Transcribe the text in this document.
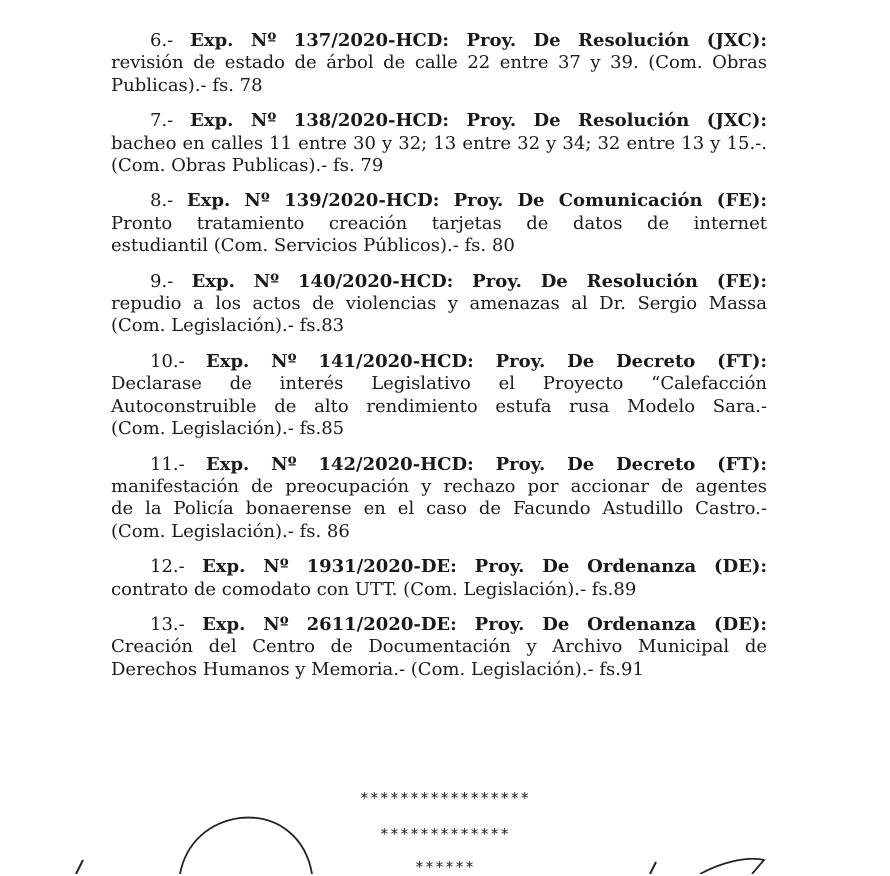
6.- Exp. Nº 137/2020-HCD: Proy. De Resolución (JXC):

revisión de estado de árbol de calle 22 entre 37 y 39. (Com. Obras

Publicas).- fs. 78

7.- Exp. Nº 138/2020-HCD: Proy. De Resolución (JXC):

bacheo en calles 11 entre 30 y 32; 13 entre 32 y 34; 32 entre 13 y 15.-.

(Com. Obras Publicas).- fs. 79

8.- Exp. Nº 139/2020-HCD: Proy. De Comunicación (FE):

Pronto tratamiento creación tarjetas de datos de internet

estudiantil (Com. Servicios Públicos).- fs. 80

9.- Exp. Nº 140/2020-HCD: Proy. De Resolución (FE):

repudio a los actos de violencias y amenazas al Dr. Sergio Massa

(Com. Legislación).- fs.83

10.- Exp. Nº 141/2020-HCD: Proy. De Decreto (FT):

Declarase de interés Legislativo el Proyecto “Calefacción

Autoconstruible de alto rendimiento estufa rusa Modelo Sara.-

(Com. Legislación).- fs.85

11.- Exp. Nº 142/2020-HCD: Proy. De Decreto (FT):

manifestación de preocupación y rechazo por accionar de agentes

de la Policía bonaerense en el caso de Facundo Astudillo Castro.-

(Com. Legislación).- fs. 86

12.- Exp. Nº 1931/2020-DE: Proy. De Ordenanza (DE):

contrato de comodato con UTT. (Com. Legislación).- fs.89

13.- Exp. Nº 2611/2020-DE: Proy. De Ordenanza (DE):

Creación del Centro de Documentación y Archivo Municipal de

Derechos Humanos y Memoria.- (Com. Legislación).- fs.91

*****************
*************
******
